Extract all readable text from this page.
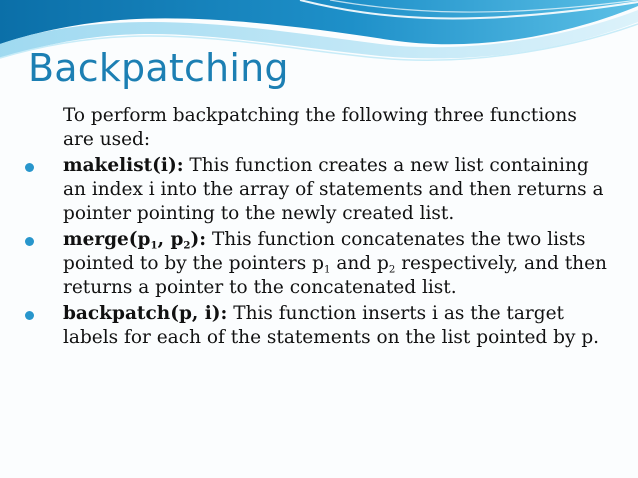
Backpatching

To perform backpatching the following three functions are used:

makelist(i): This function creates a new list containing an index i into the array of statements and then returns a pointer pointing to the newly created list.

$merge(p_1$, $p_2$): This function concatenates the two lists pointed to by the pointers $p_1$ and $p_2$ respectively, and then returns a pointer to the concatenated list.

backpatch(p, i): This function inserts i as the target labels for each of the statements on the list pointed by p.
